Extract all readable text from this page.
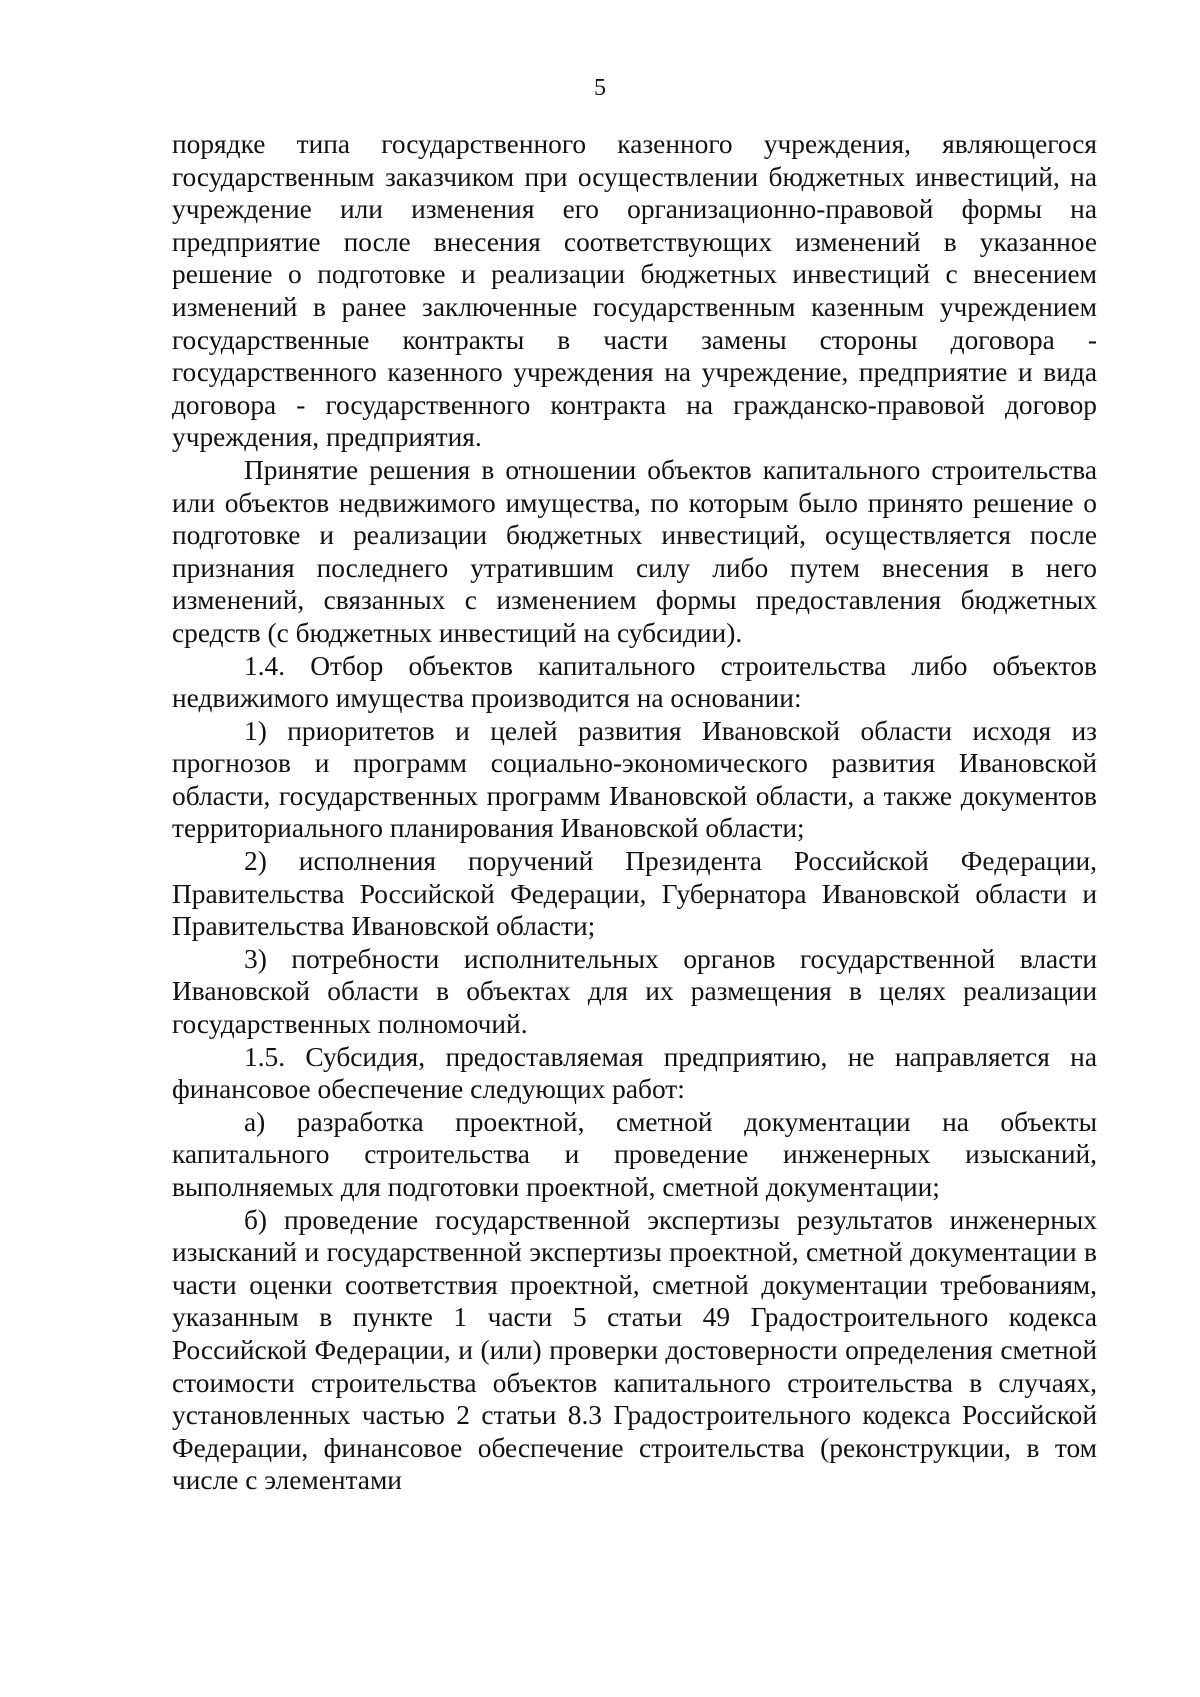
5

порядке типа государственного казенного учреждения, являющегося государственным заказчиком при осуществлении бюджетных инвестиций, на учреждение или изменения его организационно-правовой формы на предприятие после внесения соответствующих изменений в указанное решение о подготовке и реализации бюджетных инвестиций с внесением изменений в ранее заключенные государственным казенным учреждением государственные контракты в части замены стороны договора - государственного казенного учреждения на учреждение, предприятие и вида договора - государственного контракта на гражданско-правовой договор учреждения, предприятия.

Принятие решения в отношении объектов капитального строительства или объектов недвижимого имущества, по которым было принято решение о подготовке и реализации бюджетных инвестиций, осуществляется после признания последнего утратившим силу либо путем внесения в него изменений, связанных с изменением формы предоставления бюджетных средств (с бюджетных инвестиций на субсидии).

1.4. Отбор объектов капитального строительства либо объектов недвижимого имущества производится на основании:

1) приоритетов и целей развития Ивановской области исходя из прогнозов и программ социально-экономического развития Ивановской области, государственных программ Ивановской области, а также документов территориального планирования Ивановской области;

2) исполнения поручений Президента Российской Федерации, Правительства Российской Федерации, Губернатора Ивановской области и Правительства Ивановской области;

3) потребности исполнительных органов государственной власти Ивановской области в объектах для их размещения в целях реализации государственных полномочий.

1.5. Субсидия, предоставляемая предприятию, не направляется на финансовое обеспечение следующих работ:

а) разработка проектной, сметной документации на объекты капитального строительства и проведение инженерных изысканий, выполняемых для подготовки проектной, сметной документации;

б) проведение государственной экспертизы результатов инженерных изысканий и государственной экспертизы проектной, сметной документации в части оценки соответствия проектной, сметной документации требованиям, указанным в пункте 1 части 5 статьи 49 Градостроительного кодекса Российской Федерации, и (или) проверки достоверности определения сметной стоимости строительства объектов капитального строительства в случаях, установленных частью 2 статьи 8.3 Градостроительного кодекса Российской Федерации, финансовое обеспечение строительства (реконструкции, в том числе с элементами
